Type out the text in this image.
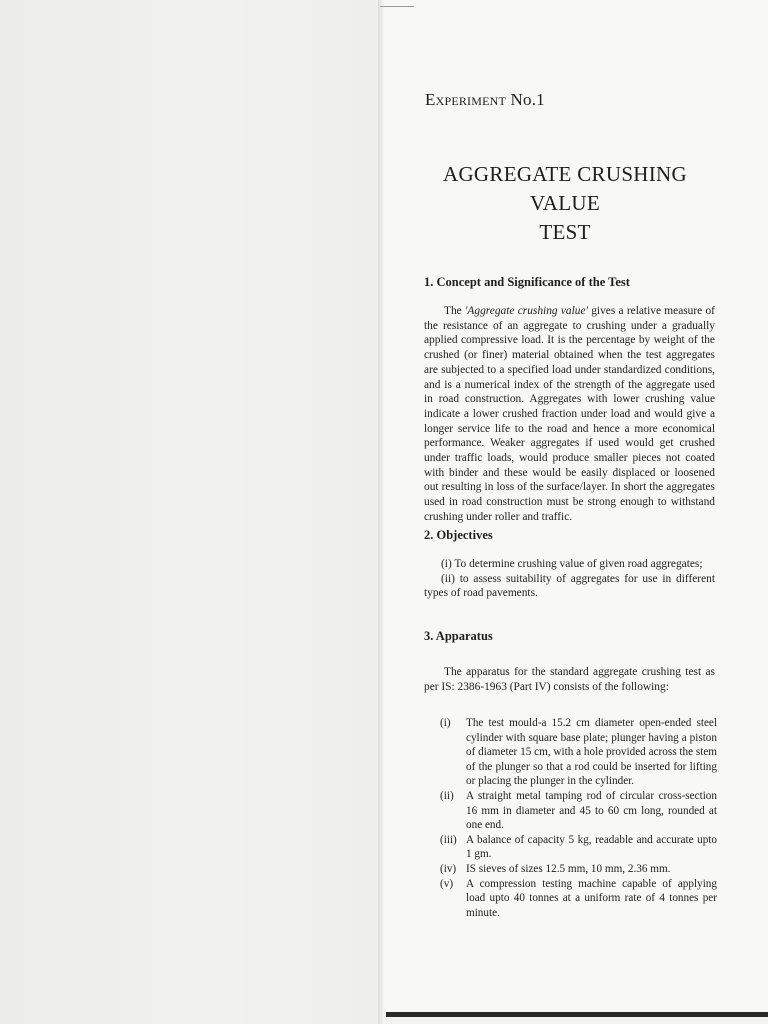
Experiment No.1
AGGREGATE CRUSHING VALUE
TEST
1. Concept and Significance of the Test

The 'Aggregate crushing value' gives a relative measure of the resistance of an aggregate to crushing under a gradually applied compressive load. It is the percentage by weight of the crushed (or finer) material obtained when the test aggregates are subjected to a specified load under standardized conditions, and is a numerical index of the strength of the aggregate used in road construction. Aggregates with lower crushing value indicate a lower crushed fraction under load and would give a longer service life to the road and hence a more economical performance. Weaker aggregates if used would get crushed under traffic loads, would produce smaller pieces not coated with binder and these would be easily displaced or loosened out resulting in loss of the surface/layer. In short the aggregates used in road construction must be strong enough to withstand crushing under roller and traffic.

2. Objectives
(i) To determine crushing value of given road aggregates;
(ii) to assess suitability of aggregates for use in different types of road pavements.
3. Apparatus

The apparatus for the standard aggregate crushing test as per IS: 2386-1963 (Part IV) consists of the following:

(i)	The test mould-a 15.2 cm diameter open-ended steel cylinder with square base plate; plunger having a piston of diameter 15 cm, with a hole provided across the stem of the plunger so that a rod could be inserted for lifting or placing the plunger in the cylinder.
(ii)	A straight metal tamping rod of circular cross-section 16 mm in diameter and 45 to 60 cm long, rounded at one end.
(iii) A balance of capacity 5 kg, readable and accurate upto 1 gm.
(iv) IS sieves of sizes 12.5 mm, 10 mm, 2.36 mm.
(v)	A compression testing machine capable of applying load upto 40 tonnes at a uniform rate of 4 tonnes per minute.
